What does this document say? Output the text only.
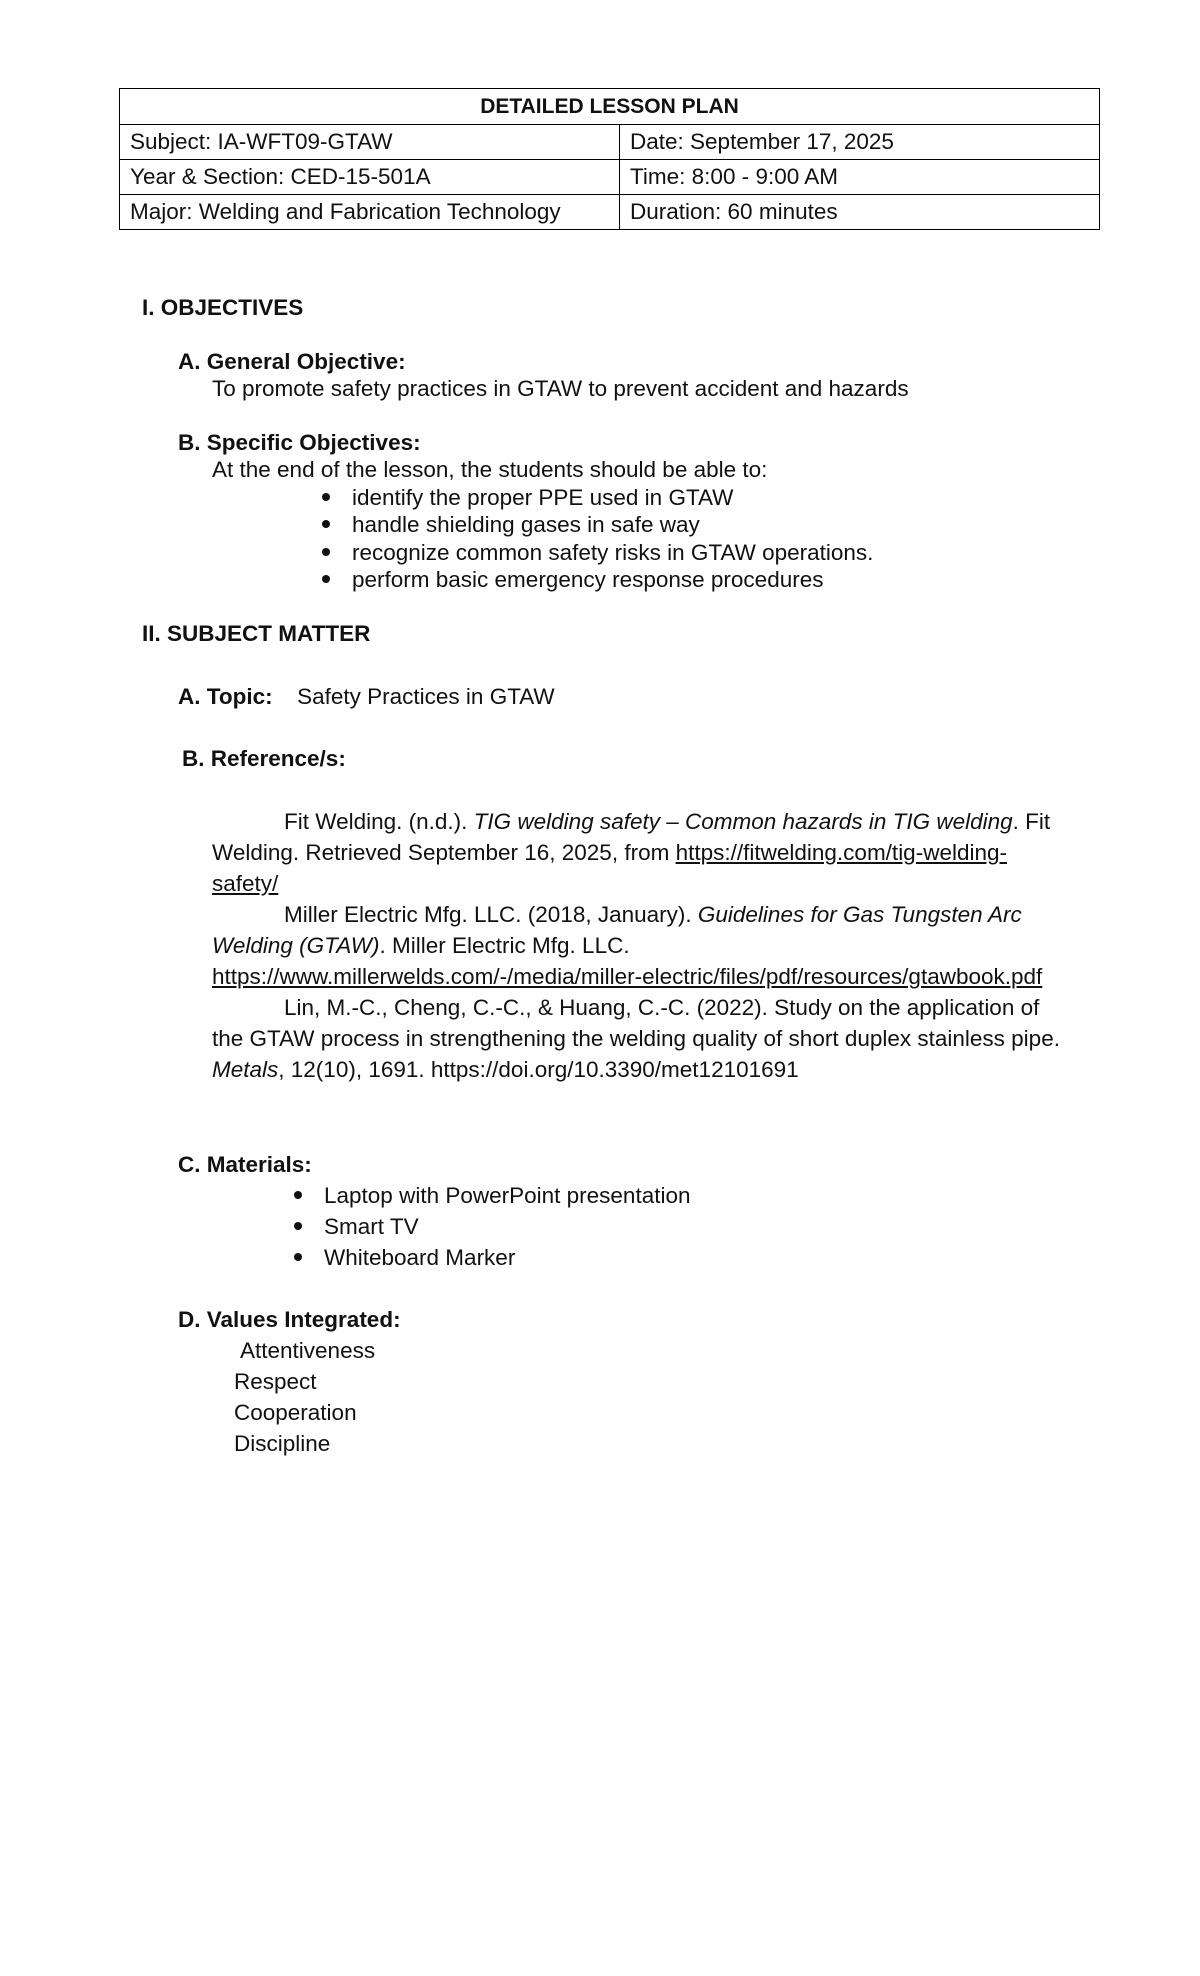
DETAILED LESSON PLAN	
Subject: IA-WFT09-GTAW	Date: September 17, 2025
Year & Section: CED-15-501A	Time: 8:00 - 9:00 AM
Major: Welding and Fabrication Technology	Duration: 60 minutes
I. OBJECTIVES
A. General Objective:
To promote safety practices in GTAW to prevent accident and hazards
B. Specific Objectives:
At the end of the lesson, the students should be able to:
identify the proper PPE used in GTAW
handle shielding gases in safe way
recognize common safety risks in GTAW operations.
perform basic emergency response procedures
II. SUBJECT MATTER
A. Topic: Safety Practices in GTAW
B. Reference/s:

Fit Welding. (n.d.). TIG welding safety – Common hazards in TIG welding. Fit Welding. Retrieved September 16, 2025, from https://fitwelding.com/tig-welding-safety/

Miller Electric Mfg. LLC. (2018, January). Guidelines for Gas Tungsten Arc Welding (GTAW). Miller Electric Mfg. LLC. https://www.millerwelds.com/-/media/miller-electric/files/pdf/resources/gtawbook.pdf

Lin, M.-C., Cheng, C.-C., & Huang, C.-C. (2022). Study on the application of the GTAW process in strengthening the welding quality of short duplex stainless pipe. Metals, 12(10), 1691. https://doi.org/10.3390/met12101691

C. Materials:
Laptop with PowerPoint presentation
Smart TV
Whiteboard Marker
D. Values Integrated:
Attentiveness
Respect
Cooperation
Discipline
